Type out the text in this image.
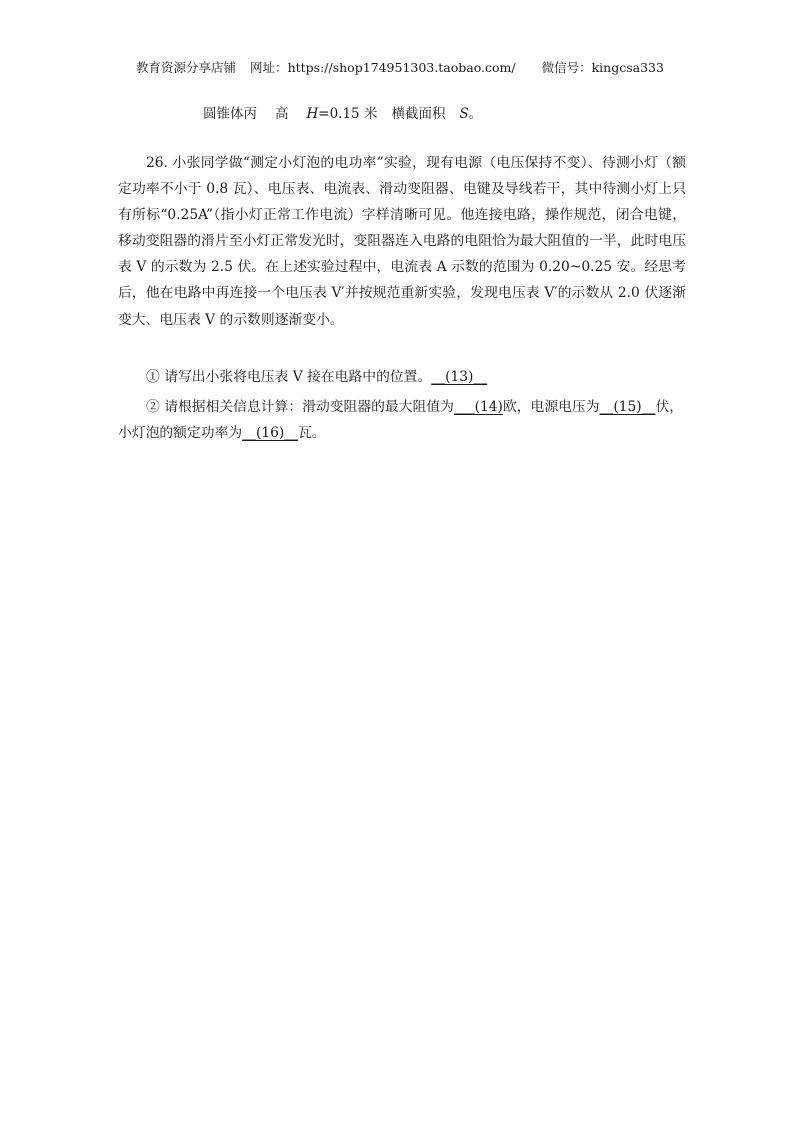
教育资源分享店铺 网址：https://shop174951303.taobao.com/ 微信号：kingcsa333
圆锥体丙 高 H=0.15 米 横截面积 S。

26. 小张同学做“测定小灯泡的电功率”实验，现有电源（电压保持不变）、待测小灯（额定功率不小于 0.8 瓦）、电压表、电流表、滑动变阻器、电键及导线若干，其中待测小灯上只有所标“0.25A”（指小灯正常工作电流）字样清晰可见。他连接电路，操作规范，闭合电键，移动变阻器的滑片至小灯正常发光时，变阻器连入电路的电阻恰为最大阻值的一半，此时电压表 V 的示数为 2.5 伏。在上述实验过程中，电流表 A 示数的范围为 0.20~0.25 安。经思考后，他在电路中再连接一个电压表 V′并按规范重新实验，发现电压表 V′的示数从 2.0 伏逐渐变大、电压表 V 的示数则逐渐变小。

① 请写出小张将电压表 V 接在电路中的位置。__(13)__
② 请根据相关信息计算：滑动变阻器的最大阻值为___(14)欧，电源电压为__(15)__伏，小灯泡的额定功率为__(16)__瓦。
